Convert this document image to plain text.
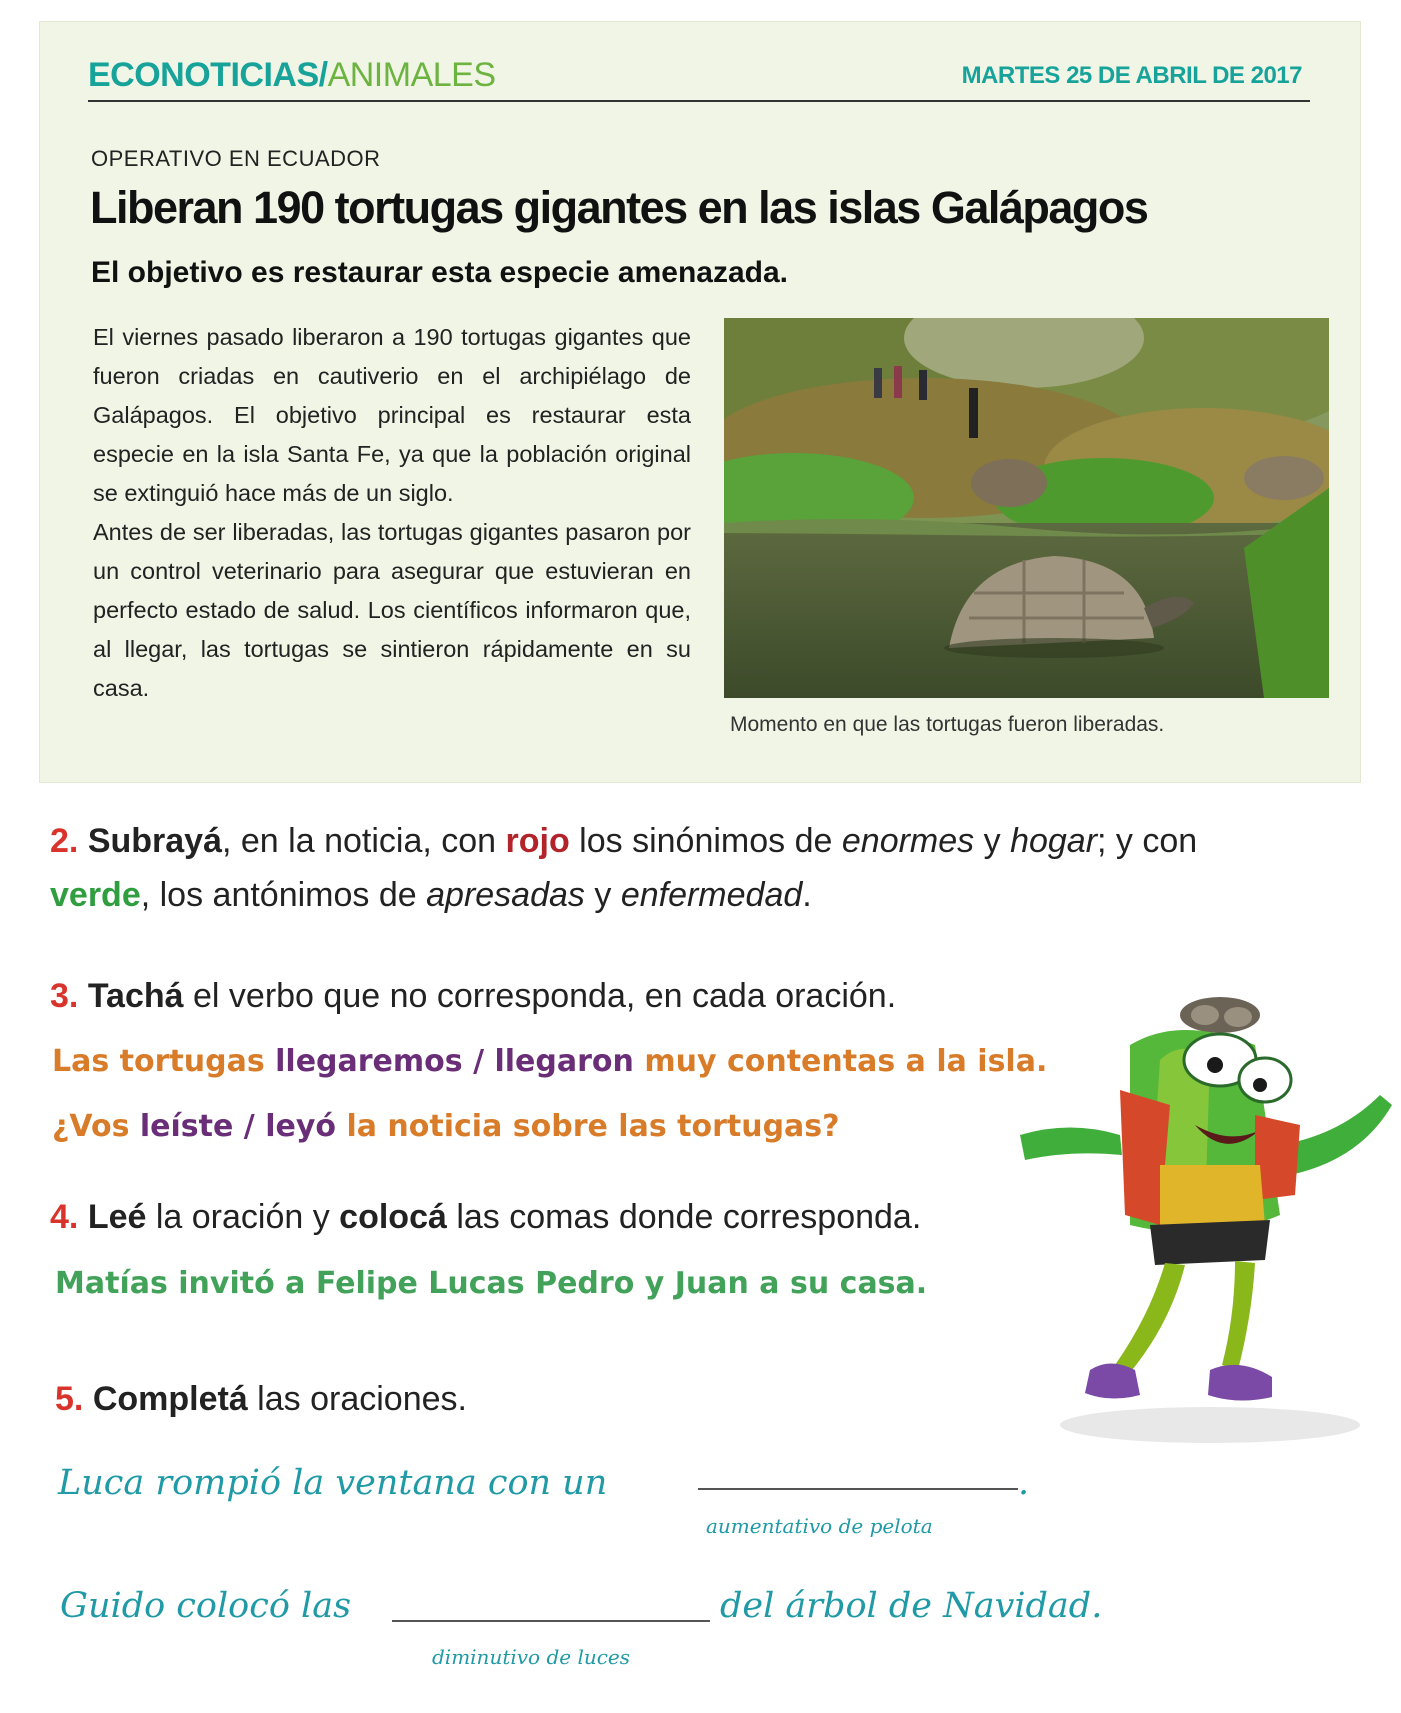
ECONOTICIAS/ANIMALES	MARTES 25 DE ABRIL DE 2017
OPERATIVO EN ECUADOR
Liberan 190 tortugas gigantes en las islas Galápagos
El objetivo es restaurar esta especie amenazada.

El viernes pasado liberaron a 190 tortugas gigantes que fueron criadas en cautiverio en el archipiélago de Galápagos. El objetivo principal es restaurar esta especie en la isla Santa Fe, ya que la población original se extinguió hace más de un siglo.

Antes de ser liberadas, las tortugas gigantes pasaron por un control veterinario para asegurar que estuvieran en perfecto estado de salud. Los científicos informaron que, al llegar, las tortugas se sintieron rápidamente en su casa.

Momento en que las tortugas fueron liberadas.
2. Subrayá, en la noticia, con rojo los sinónimos de enormes y hogar; y con
verde, los antónimos de apresadas y enfermedad.
3. Tachá el verbo que no corresponda, en cada oración.
Las tortugas llegaremos / llegaron muy contentas a la isla.
¿Vos leíste / leyó la noticia sobre las tortugas?
4. Leé la oración y colocá las comas donde corresponda.
Matías invitó a Felipe Lucas Pedro y Juan a su casa.
5. Completá las oraciones.
Luca rompió la ventana con un	.
aumentativo de pelota
Guido colocó las	del árbol de Navidad.
diminutivo de luces
